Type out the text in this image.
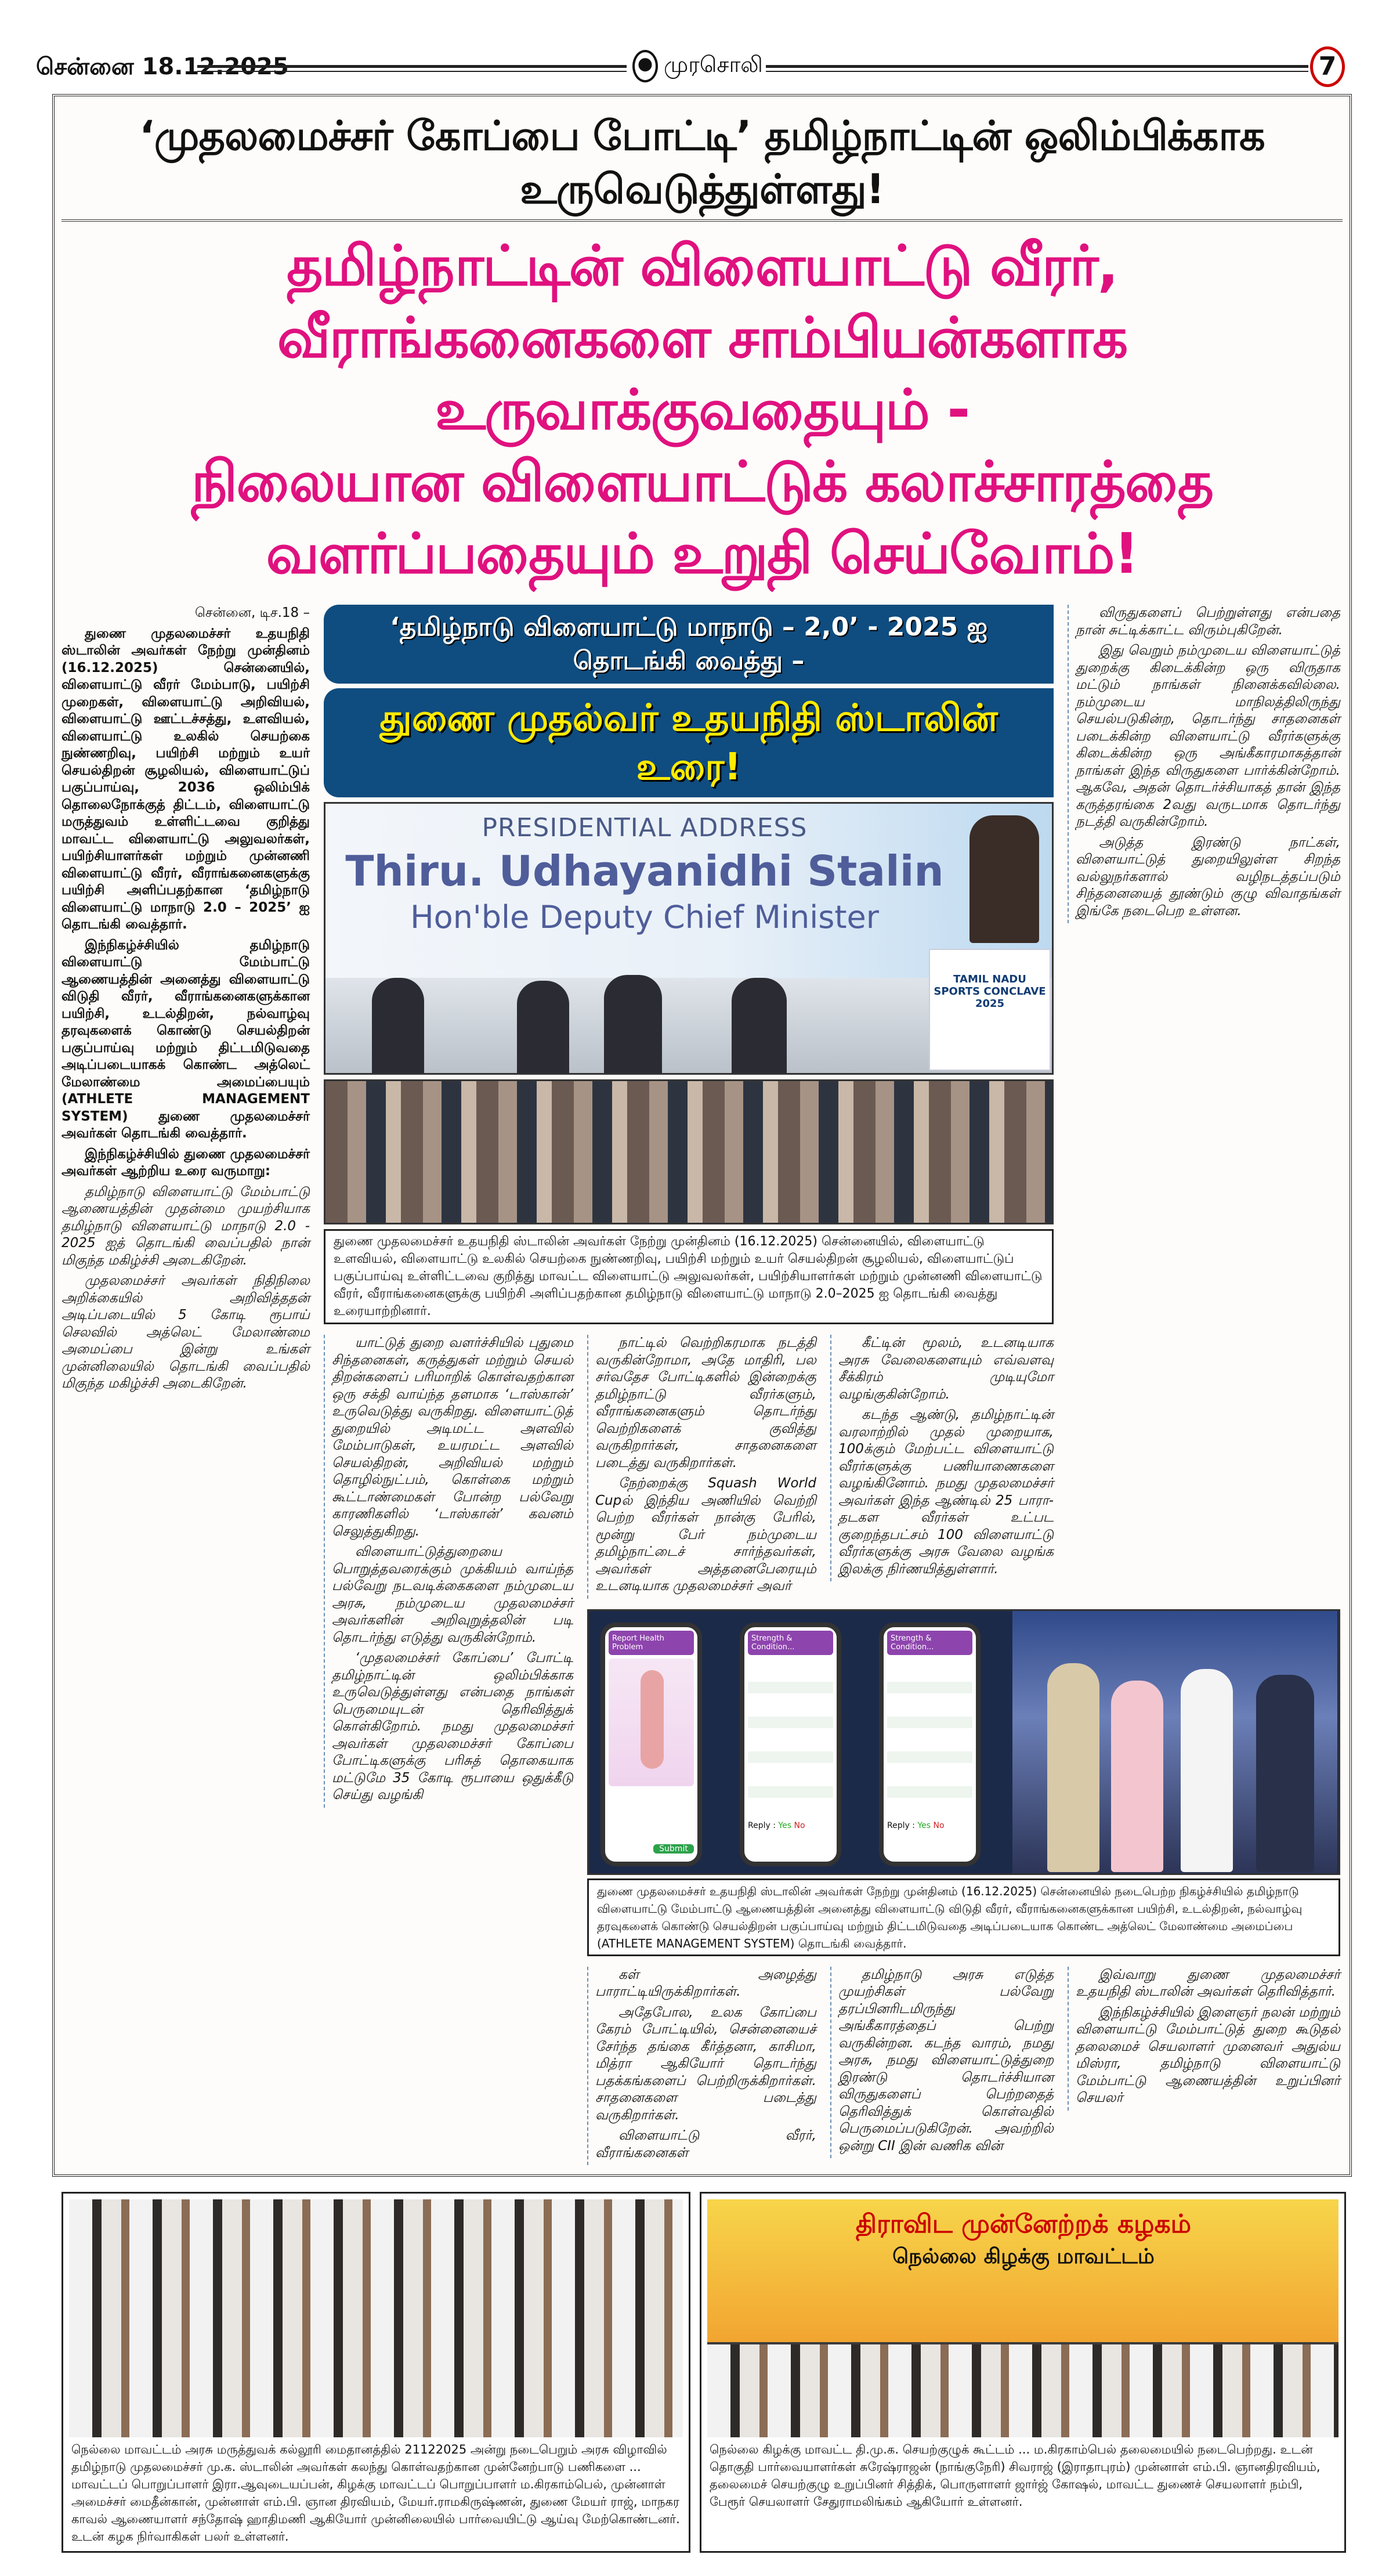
சென்னை 18.12.2025	முரசொலி	7
‘முதலமைச்சர் கோப்பை போட்டி’ தமிழ்நாட்டின் ஒலிம்பிக்காக உருவெடுத்துள்ளது!
தமிழ்நாட்டின் விளையாட்டு வீரர், வீராங்கனைகளை சாம்பியன்களாக உருவாக்குவதையும் -
நிலையான விளையாட்டுக் கலாச்சாரத்தை வளர்ப்பதையும் உறுதி செய்வோம்!

சென்னை, டிச.18 –

துணை முதலமைச்சர் உதயநிதி ஸ்டாலின் அவர்கள் நேற்று முன்தினம் (16.12.2025) சென்னையில், விளையாட்டு வீரர் மேம்பாடு, பயிற்சி முறைகள், விளையாட்டு அறிவியல், விளையாட்டு ஊட்டச்சத்து, உளவியல், விளையாட்டு உலகில் செயற்கை நுண்ணறிவு, பயிற்சி மற்றும் உயர் செயல்திறன் சூழலியல், விளையாட்டுப் பகுப்பாய்வு, 2036 ஒலிம்பிக் தொலைநோக்குத் திட்டம், விளையாட்டு மருத்துவம் உள்ளிட்டவை குறித்து மாவட்ட விளையாட்டு அலுவலர்கள், பயிற்சியாளர்கள் மற்றும் முன்னணி விளையாட்டு வீரர், வீராங்கனைகளுக்கு பயிற்சி அளிப்பதற்கான ‘தமிழ்நாடு விளையாட்டு மாநாடு 2.0 – 2025’ ஐ தொடங்கி வைத்தார்.

இந்நிகழ்ச்சியில் தமிழ்நாடு விளையாட்டு மேம்பாட்டு ஆணையத்தின் அனைத்து விளையாட்டு விடுதி வீரர், வீராங்கனைகளுக்கான பயிற்சி, உடல்திறன், நல்வாழ்வு தரவுகளைக் கொண்டு செயல்திறன் பகுப்பாய்வு மற்றும் திட்டமிடுவதை அடிப்படையாகக் கொண்ட அத்லெட் மேலாண்மை அமைப்பையும் (ATHLETE MANAGEMENT SYSTEM) துணை முதலமைச்சர் அவர்கள் தொடங்கி வைத்தார்.

இந்நிகழ்ச்சியில் துணை முதலமைச்சர் அவர்கள் ஆற்றிய உரை வருமாறு:

தமிழ்நாடு விளையாட்டு மேம்பாட்டு ஆணையத்தின் முதன்மை முயற்சியாக தமிழ்நாடு விளையாட்டு மாநாடு 2.0 - 2025 ஐத் தொடங்கி வைப்பதில் நான் மிகுந்த மகிழ்ச்சி அடைகிறேன்.

முதலமைச்சர் அவர்கள் நிதிநிலை அறிக்கையில் அறிவித்ததன் அடிப்படையில் 5 கோடி ரூபாய் செலவில் அத்லெட் மேலாண்மை அமைப்பை இன்று உங்கள் முன்னிலையில் தொடங்கி வைப்பதில் மிகுந்த மகிழ்ச்சி அடைகிறேன்.

‘தமிழ்நாடு விளையாட்டு மாநாடு – 2,0’ - 2025 ஐ தொடங்கி வைத்து –
துணை முதல்வர் உதயநிதி ஸ்டாலின் உரை!
PRESIDENTIAL ADDRESS
Thiru. Udhayanidhi Stalin
Hon'ble Deputy Chief Minister
TAMIL NADU SPORTS CONCLAVE 2025
துணை முதலமைச்சர் உதயநிதி ஸ்டாலின் அவர்கள் நேற்று முன்தினம் (16.12.2025) சென்னையில், விளையாட்டு உளவியல், விளையாட்டு உலகில் செயற்கை நுண்ணறிவு, பயிற்சி மற்றும் உயர் செயல்திறன் சூழலியல், விளையாட்டுப் பகுப்பாய்வு உள்ளிட்டவை குறித்து மாவட்ட விளையாட்டு அலுவலர்கள், பயிற்சியாளர்கள் மற்றும் முன்னணி விளையாட்டு வீரர், வீராங்கனைகளுக்கு பயிற்சி அளிப்பதற்கான தமிழ்நாடு விளையாட்டு மாநாடு 2.0–2025 ஐ தொடங்கி வைத்து உரையாற்றினார்.

விருதுகளைப் பெற்றுள்ளது என்பதை நான் சுட்டிக்காட்ட விரும்புகிறேன்.

இது வெறும் நம்முடைய விளையாட்டுத் துறைக்கு கிடைக்கின்ற ஒரு விருதாக மட்டும் நாங்கள் நினைக்கவில்லை. நம்முடைய மாநிலத்திலிருந்து செயல்படுகின்ற, தொடர்ந்து சாதனைகள் படைக்கின்ற விளையாட்டு வீரர்களுக்கு கிடைக்கின்ற ஒரு அங்கீகாரமாகத்தான் நாங்கள் இந்த விருதுகளை பார்க்கின்றோம். ஆகவே, அதன் தொடர்ச்சியாகத் தான் இந்த கருத்தரங்கை 2வது வருடமாக தொடர்ந்து நடத்தி வருகின்றோம்.

அடுத்த இரண்டு நாட்கள், விளையாட்டுத் துறையிலுள்ள சிறந்த வல்லுநர்களால் வழிநடத்தப்படும் சிந்தனையைத் தூண்டும் குழு விவாதங்கள் இங்கே நடைபெற உள்ளன.

யாட்டுத் துறை வளர்ச்சியில் புதுமை சிந்தனைகள், கருத்துகள் மற்றும் செயல் திறன்களைப் பரிமாறிக் கொள்வதற்கான ஒரு சக்தி வாய்ந்த தளமாக ‘டாஸ்கான்’ உருவெடுத்து வருகிறது. விளையாட்டுத் துறையில் அடிமட்ட அளவில் மேம்பாடுகள், உயரமட்ட அளவில் செயல்திறன், அறிவியல் மற்றும் தொழில்நுட்பம், கொள்கை மற்றும் கூட்டாண்மைகள் போன்ற பல்வேறு காரணிகளில் ‘டாஸ்கான்’ கவனம் செலுத்துகிறது.

விளையாட்டுத்துறையை பொறுத்தவரைக்கும் முக்கியம் வாய்ந்த பல்வேறு நடவடிக்கைகளை நம்முடைய அரசு, நம்முடைய முதலமைச்சர் அவர்களின் அறிவுறுத்தலின் படி தொடர்ந்து எடுத்து வருகின்றோம்.

‘முதலமைச்சர் கோப்பை’ போட்டி தமிழ்நாட்டின் ஒலிம்பிக்காக உருவெடுத்துள்ளது என்பதை நாங்கள் பெருமையுடன் தெரிவித்துக் கொள்கிறோம். நமது முதலமைச்சர் அவர்கள் முதலமைச்சர் கோப்பை போட்டிகளுக்கு பரிசுத் தொகையாக மட்டுமே 35 கோடி ரூபாயை ஒதுக்கீடு செய்து வழங்கி

நாட்டில் வெற்றிகரமாக நடத்தி வருகின்றோமா, அதே மாதிரி, பல சர்வதேச போட்டிகளில் இன்றைக்கு தமிழ்நாட்டு வீரர்களும், வீராங்கனைகளும் தொடர்ந்து வெற்றிகளைக் குவித்து வருகிறார்கள், சாதனைகளை படைத்து வருகிறார்கள்.

நேற்றைக்கு Squash World Cupல் இந்திய அணியில் வெற்றி பெற்ற வீரர்கள் நான்கு பேரில், மூன்று பேர் நம்முடைய தமிழ்நாட்டைச் சார்ந்தவர்கள், அவர்கள் அத்தனைபேரையும் உடனடியாக முதலமைச்சர் அவர்

கீட்டின் மூலம், உடனடியாக அரசு வேலைகளையும் எவ்வளவு சீக்கிரம் முடியுமோ வழங்குகின்றோம்.

கடந்த ஆண்டு, தமிழ்நாட்டின் வரலாற்றில் முதல் முறையாக, 100க்கும் மேற்பட்ட விளையாட்டு வீரர்களுக்கு பணியாணைகளை வழங்கினோம். நமது முதலமைச்சர் அவர்கள் இந்த ஆண்டில் 25 பாரா-தடகள வீரர்கள் உட்பட குறைந்தபட்சம் 100 விளையாட்டு வீரர்களுக்கு அரசு வேலை வழங்க இலக்கு நிர்ணயித்துள்ளார்.

Report Health Problem
Submit
Strength & Condition...
Reply : Yes No
Strength & Condition...
Reply : Yes No
துணை முதலமைச்சர் உதயநிதி ஸ்டாலின் அவர்கள் நேற்று முன்தினம் (16.12.2025) சென்னையில் நடைபெற்ற நிகழ்ச்சியில் தமிழ்நாடு விளையாட்டு மேம்பாட்டு ஆணையத்தின் அனைத்து விளையாட்டு விடுதி வீரர், வீராங்கனைகளுக்கான பயிற்சி, உடல்திறன், நல்வாழ்வு தரவுகளைக் கொண்டு செயல்திறன் பகுப்பாய்வு மற்றும் திட்டமிடுவதை அடிப்படையாக கொண்ட அத்லெட் மேலாண்மை அமைப்பை (ATHLETE MANAGEMENT SYSTEM) தொடங்கி வைத்தார்.

கள் அழைத்து பாராட்டியிருக்கிறார்கள்.

அதேபோல, உலக கோப்பை கேரம் போட்டியில், சென்னையைச் சேர்ந்த தங்கை கீர்த்தனா, காசிமா, மித்ரா ஆகியோர் தொடர்ந்து பதக்கங்களைப் பெற்றிருக்கிறார்கள். சாதனைகளை படைத்து வருகிறார்கள்.

விளையாட்டு வீரர், வீராங்கனைகள்

தமிழ்நாடு அரசு எடுத்த முயற்சிகள் பல்வேறு தரப்பினரிடமிருந்து அங்கீகாரத்தைப் பெற்று வருகின்றன. கடந்த வாரம், நமது அரசு, நமது விளையாட்டுத்துறை இரண்டு தொடர்ச்சியான விருதுகளைப் பெற்றதைத் தெரிவித்துக் கொள்வதில் பெருமைப்படுகிறேன். அவற்றில் ஒன்று CII இன் வணிக வின்

இவ்வாறு துணை முதலமைச்சர் உதயநிதி ஸ்டாலின் அவர்கள் தெரிவித்தார்.

இந்நிகழ்ச்சியில் இளைஞர் நலன் மற்றும் விளையாட்டு மேம்பாட்டுத் துறை கூடுதல் தலைமைச் செயலாளர் முனைவர் அதுல்ய மிஸ்ரா, தமிழ்நாடு விளையாட்டு மேம்பாட்டு ஆணையத்தின் உறுப்பினர் செயலர்

நெல்லை மாவட்டம் அரசு மருத்துவக் கல்லூரி மைதானத்தில் 21122025 அன்று நடைபெறும் அரசு விழாவில் தமிழ்நாடு முதலமைச்சர் மு.க. ஸ்டாலின் அவர்கள் கலந்து கொள்வதற்கான முன்னேற்பாடு பணிகளை ... மாவட்டப் பொறுப்பாளர் இரா.ஆவுடையப்பன், கிழக்கு மாவட்டப் பொறுப்பாளர் ம.கிரகாம்பெல், முன்னாள் அமைச்சர் மைதீன்கான், முன்னாள் எம்.பி. ஞான திரவியம், மேயர்.ராமகிருஷ்ணன், துணை மேயர் ராஜ், மாநகர காவல் ஆணையாளர் சந்தோஷ் ஹாதிமணி ஆகியோர் முன்னிலையில் பார்வையிட்டு ஆய்வு மேற்கொண்டனர். உடன் கழக நிர்வாகிகள் பலர் உள்ளனர்.
திராவிட முன்னேற்றக் கழகம்
நெல்லை கிழக்கு மாவட்டம்
நெல்லை கிழக்கு மாவட்ட தி.மு.க. செயற்குழுக் கூட்டம் ... ம.கிரகாம்பெல் தலைமையில் நடைபெற்றது. உடன் தொகுதி பார்வையாளர்கள் சுரேஷ்ராஜன் (நாங்குநேரி) சிவராஜ் (இராதாபுரம்) முன்னாள் எம்.பி. ஞானதிரவியம், தலைமைச் செயற்குழு உறுப்பினர் சித்திக், பொருளாளர் ஜார்ஜ் கோஷல், மாவட்ட துணைச் செயலாளர் நம்பி, பேரூர் செயலாளர் சேதுராமலிங்கம் ஆகியோர் உள்ளனர்.
